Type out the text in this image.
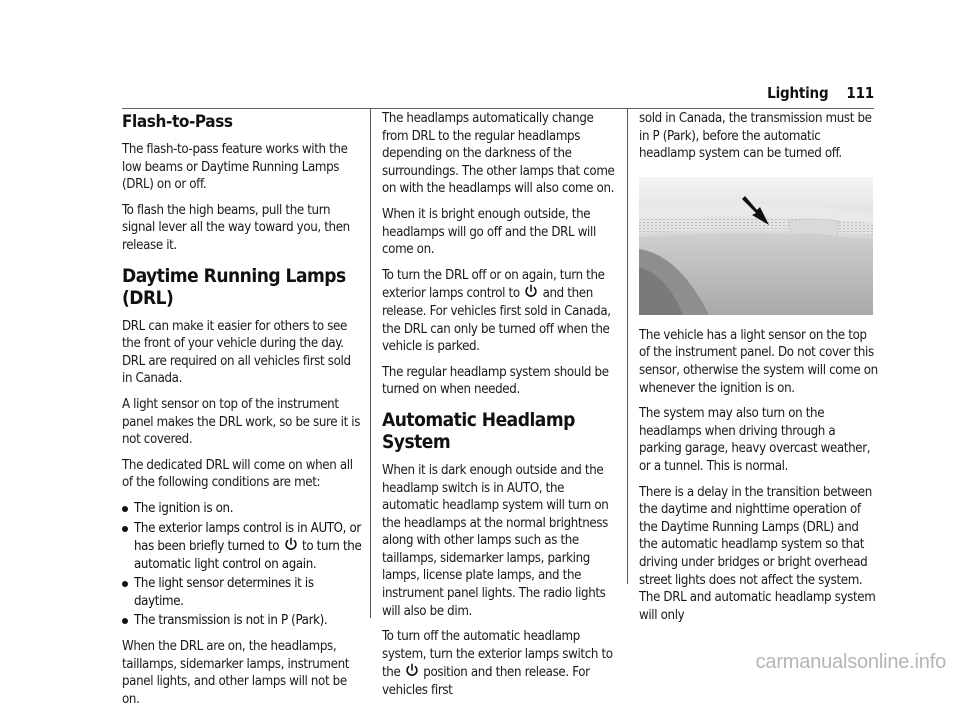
Lighting 111
Flash-to-Pass

The flash-to-pass feature works with the low beams or Daytime Running Lamps (DRL) on or off.

To flash the high beams, pull the turn signal lever all the way toward you, then release it.

Daytime Running Lamps (DRL)

DRL can make it easier for others to see the front of your vehicle during the day. DRL are required on all vehicles first sold in Canada.

A light sensor on top of the instrument panel makes the DRL work, so be sure it is not covered.

The dedicated DRL will come on when all of the following conditions are met:

The ignition is on.
The exterior lamps control is in AUTO, or has been briefly turned to to turn the automatic light control on again.
The light sensor determines it is daytime.
The transmission is not in P (Park).

When the DRL are on, the headlamps, taillamps, sidemarker lamps, instrument panel lights, and other lamps will not be on.

The headlamps automatically change from DRL to the regular headlamps depending on the darkness of the surroundings. The other lamps that come on with the headlamps will also come on.

When it is bright enough outside, the headlamps will go off and the DRL will come on.

To turn the DRL off or on again, turn the exterior lamps control to and then release. For vehicles first sold in Canada, the DRL can only be turned off when the vehicle is parked.

The regular headlamp system should be turned on when needed.

Automatic Headlamp System

When it is dark enough outside and the headlamp switch is in AUTO, the automatic headlamp system will turn on the headlamps at the normal brightness along with other lamps such as the taillamps, sidemarker lamps, parking lamps, license plate lamps, and the instrument panel lights. The radio lights will also be dim.

To turn off the automatic headlamp system, turn the exterior lamps switch to the position and then release. For vehicles first

sold in Canada, the transmission must be in P (Park), before the automatic headlamp system can be turned off.

The vehicle has a light sensor on the top of the instrument panel. Do not cover this sensor, otherwise the system will come on whenever the ignition is on.

The system may also turn on the headlamps when driving through a parking garage, heavy overcast weather, or a tunnel. This is normal.

There is a delay in the transition between the daytime and nighttime operation of the Daytime Running Lamps (DRL) and the automatic headlamp system so that driving under bridges or bright overhead street lights does not affect the system. The DRL and automatic headlamp system will only

carmanualsonline.info
